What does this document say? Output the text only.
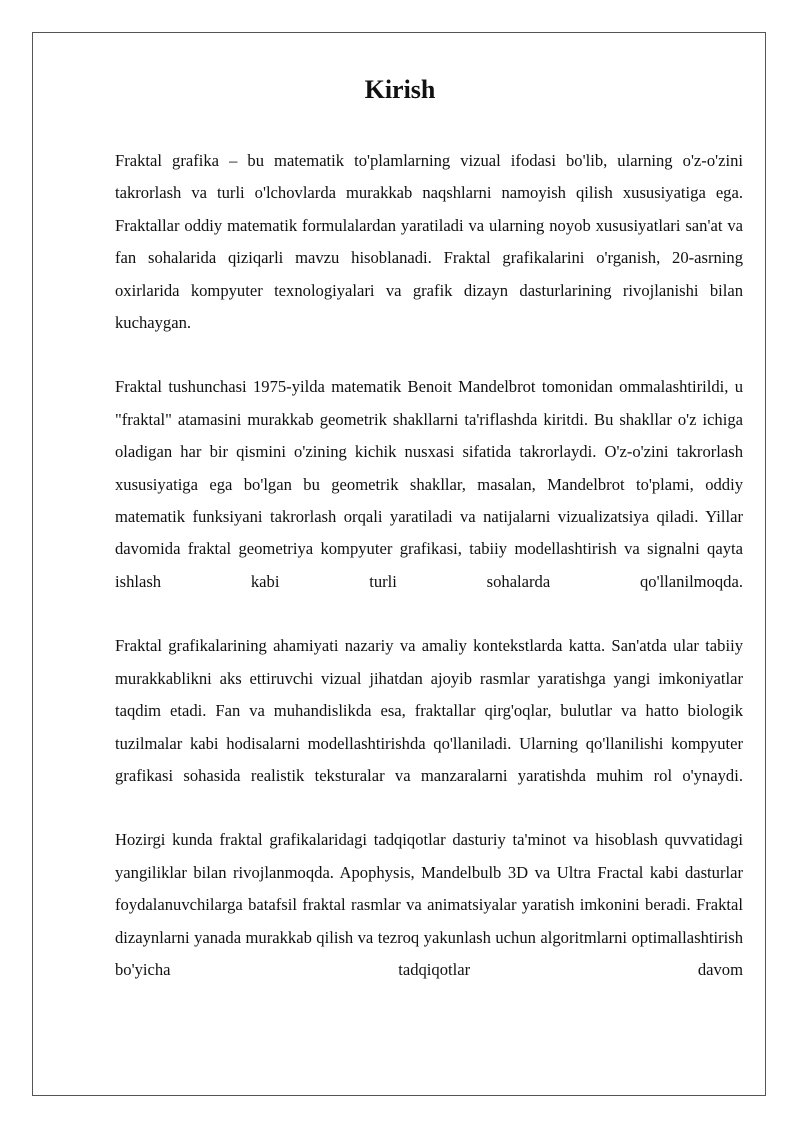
Kirish

Fraktal grafika – bu matematik to'plamlarning vizual ifodasi bo'lib, ularning o'z-o'zini takrorlash va turli o'lchovlarda murakkab naqshlarni namoyish qilish xususiyatiga ega. Fraktallar oddiy matematik formulalardan yaratiladi va ularning noyob xususiyatlari san'at va fan sohalarida qiziqarli mavzu hisoblanadi. Fraktal grafikalarini o'rganish, 20-asrning oxirlarida kompyuter texnologiyalari va grafik dizayn dasturlarining rivojlanishi bilan kuchaygan.

Fraktal tushunchasi 1975-yilda matematik Benoit Mandelbrot tomonidan ommalashtirildi, u "fraktal" atamasini murakkab geometrik shakllarni ta'riflashda kiritdi. Bu shakllar o'z ichiga oladigan har bir qismini o'zining kichik nusxasi sifatida takrorlaydi. O'z-o'zini takrorlash xususiyatiga ega bo'lgan bu geometrik shakllar, masalan, Mandelbrot to'plami, oddiy matematik funksiyani takrorlash orqali yaratiladi va natijalarni vizualizatsiya qiladi. Yillar davomida fraktal geometriya kompyuter grafikasi, tabiiy modellashtirish va signalni qayta ishlash kabi turli sohalarda qo'llanilmoqda.

Fraktal grafikalarining ahamiyati nazariy va amaliy kontekstlarda katta. San'atda ular tabiiy murakkablikni aks ettiruvchi vizual jihatdan ajoyib rasmlar yaratishga yangi imkoniyatlar taqdim etadi. Fan va muhandislikda esa, fraktallar qirg'oqlar, bulutlar va hatto biologik tuzilmalar kabi hodisalarni modellashtirishda qo'llaniladi. Ularning qo'llanilishi kompyuter grafikasi sohasida realistik teksturalar va manzaralarni yaratishda muhim rol o'ynaydi.

Hozirgi kunda fraktal grafikalaridagi tadqiqotlar dasturiy ta'minot va hisoblash quvvatidagi yangiliklar bilan rivojlanmoqda. Apophysis, Mandelbulb 3D va Ultra Fractal kabi dasturlar foydalanuvchilarga batafsil fraktal rasmlar va animatsiyalar yaratish imkonini beradi. Fraktal dizaynlarni yanada murakkab qilish va tezroq yakunlash uchun algoritmlarni optimallashtirish bo'yicha tadqiqotlar davom
